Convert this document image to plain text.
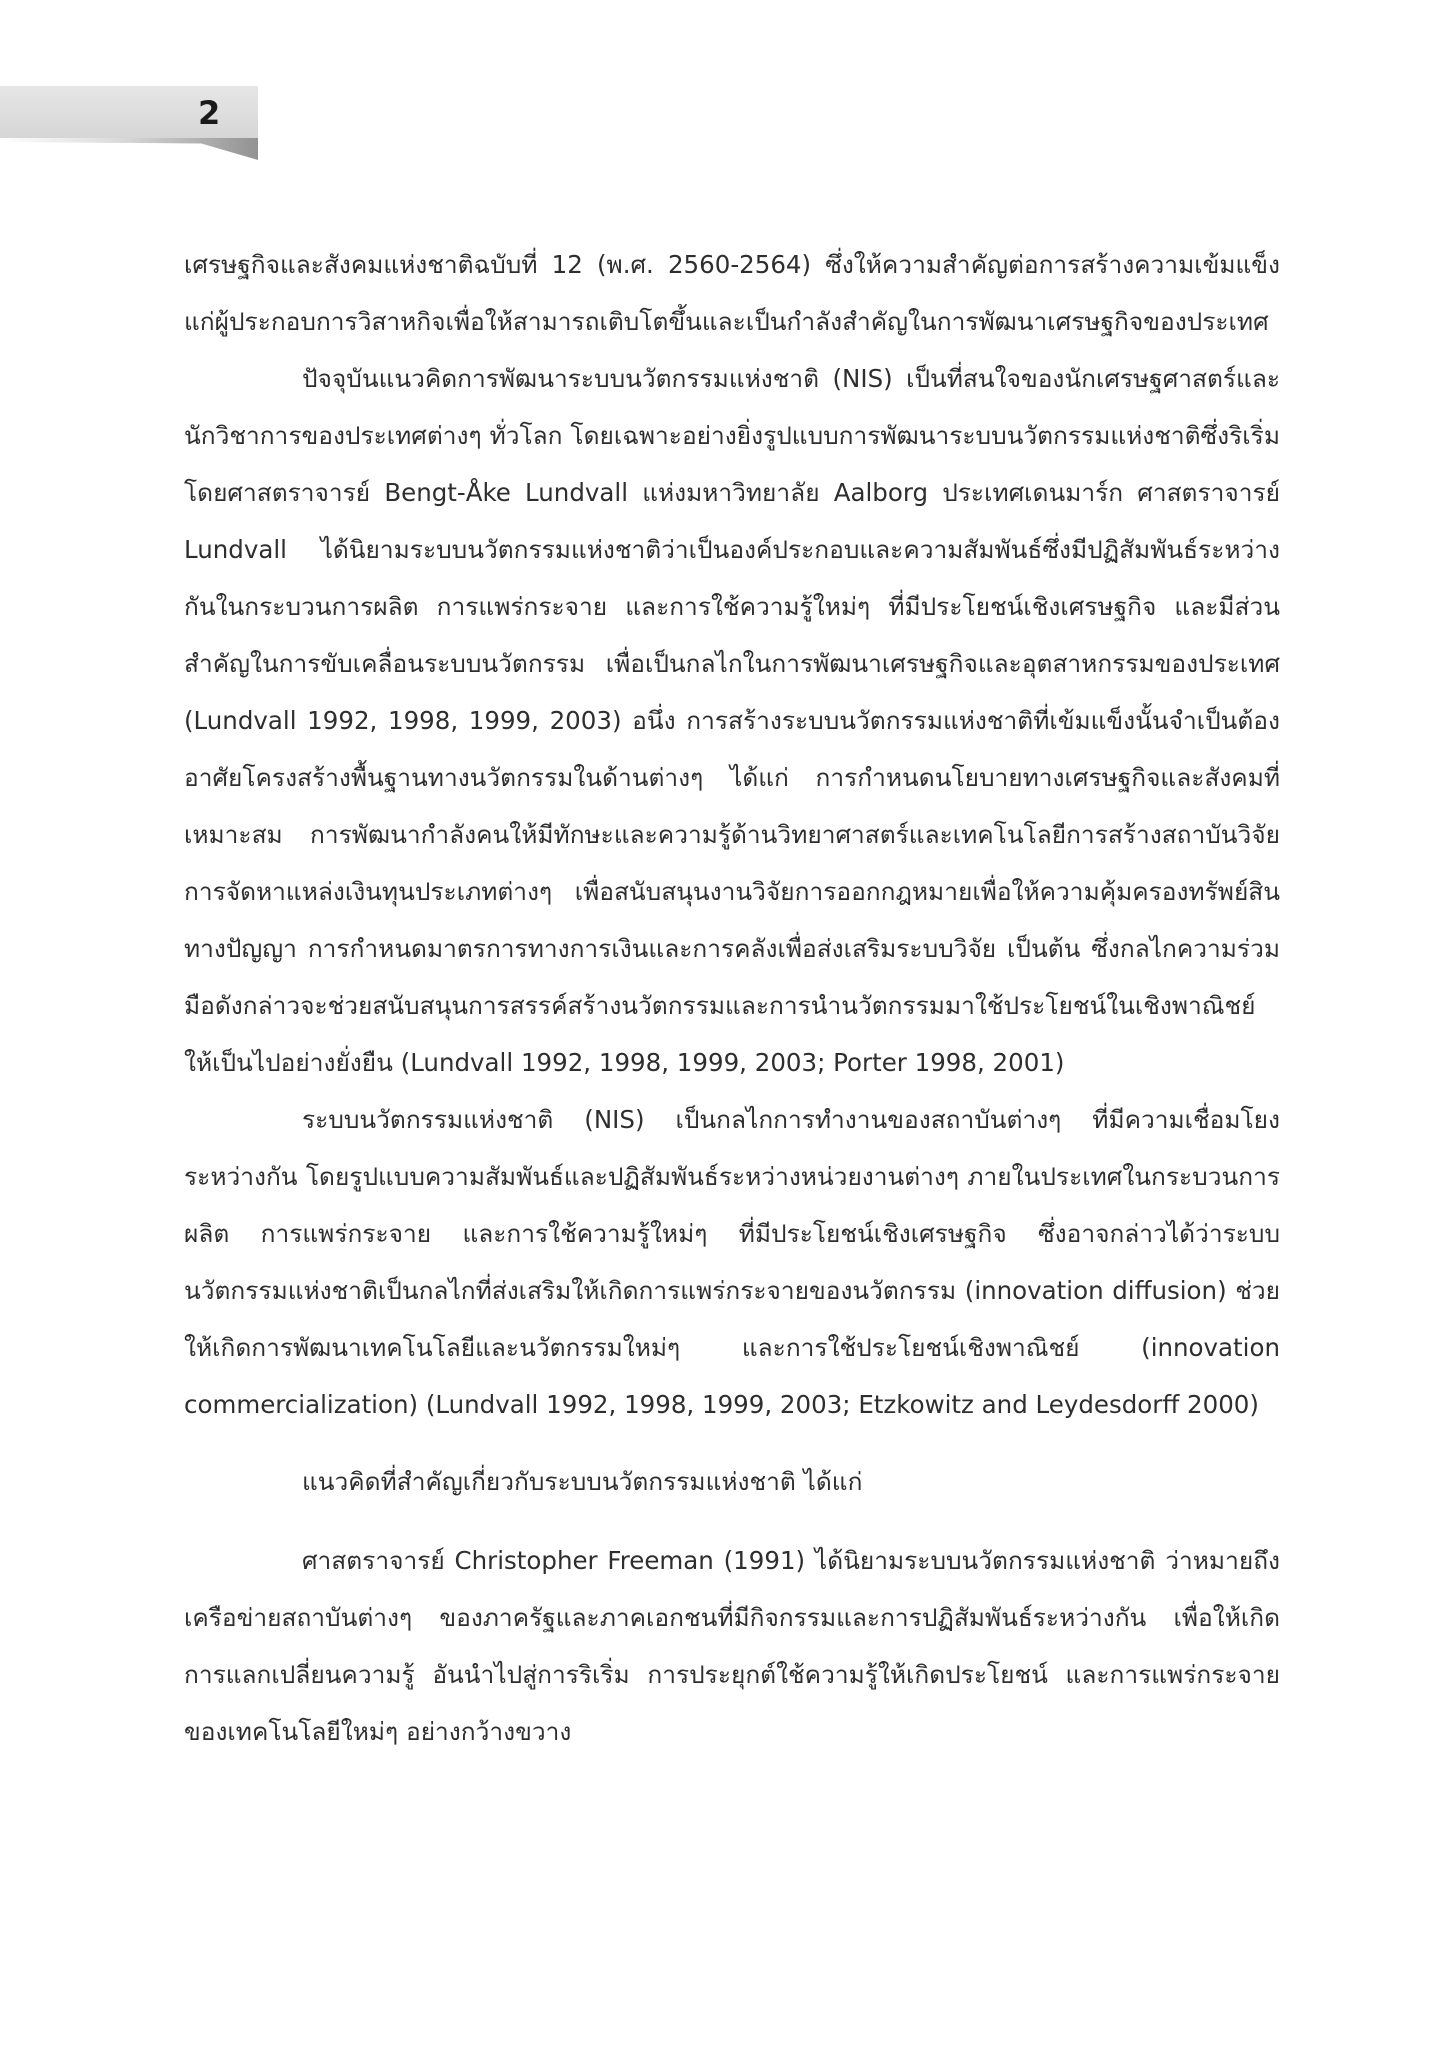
2

เศรษฐกิจและสังคมแห่งชาติฉบับที่ 12 (พ.ศ. 2560-2564) ซึ่งให้ความสำคัญต่อการสร้างความเข้มแข็งแก่ผู้ประกอบการวิสาหกิจเพื่อให้สามารถเติบโตขึ้นและเป็นกำลังสำคัญในการพัฒนาเศรษฐกิจของประเทศ

ปัจจุบันแนวคิดการพัฒนาระบบนวัตกรรมแห่งชาติ (NIS) เป็นที่สนใจของนักเศรษฐศาสตร์และนักวิชาการของประเทศต่างๆ ทั่วโลก โดยเฉพาะอย่างยิ่งรูปแบบการพัฒนาระบบนวัตกรรมแห่งชาติซึ่งริเริ่มโดยศาสตราจารย์ Bengt-Åke Lundvall แห่งมหาวิทยาลัย Aalborg ประเทศเดนมาร์ก ศาสตราจารย์ Lundvall ได้นิยามระบบนวัตกรรมแห่งชาติว่าเป็นองค์ประกอบและความสัมพันธ์ซึ่งมีปฏิสัมพันธ์ระหว่างกันในกระบวนการผลิต การแพร่กระจาย และการใช้ความรู้ใหม่ๆ ที่มีประโยชน์เชิงเศรษฐกิจ และมีส่วนสำคัญในการขับเคลื่อนระบบนวัตกรรม เพื่อเป็นกลไกในการพัฒนาเศรษฐกิจและอุตสาหกรรมของประเทศ (Lundvall 1992, 1998, 1999, 2003) อนึ่ง การสร้างระบบนวัตกรรมแห่งชาติที่เข้มแข็งนั้นจำเป็นต้องอาศัยโครงสร้างพื้นฐานทางนวัตกรรมในด้านต่างๆ ได้แก่ การกำหนดนโยบายทางเศรษฐกิจและสังคมที่เหมาะสม การพัฒนากำลังคนให้มีทักษะและความรู้ด้านวิทยาศาสตร์และเทคโนโลยีการสร้างสถาบันวิจัยการจัดหาแหล่งเงินทุนประเภทต่างๆ เพื่อสนับสนุนงานวิจัยการออกกฎหมายเพื่อให้ความคุ้มครองทรัพย์สินทางปัญญา การกำหนดมาตรการทางการเงินและการคลังเพื่อส่งเสริมระบบวิจัย เป็นต้น ซึ่งกลไกความร่วมมือดังกล่าวจะช่วยสนับสนุนการสรรค์สร้างนวัตกรรมและการนำนวัตกรรมมาใช้ประโยชน์ในเชิงพาณิชย์ให้เป็นไปอย่างยั่งยืน (Lundvall 1992, 1998, 1999, 2003; Porter 1998, 2001)

ระบบนวัตกรรมแห่งชาติ (NIS) เป็นกลไกการทำงานของสถาบันต่างๆ ที่มีความเชื่อมโยงระหว่างกัน โดยรูปแบบความสัมพันธ์และปฏิสัมพันธ์ระหว่างหน่วยงานต่างๆ ภายในประเทศในกระบวนการผลิต การแพร่กระจาย และการใช้ความรู้ใหม่ๆ ที่มีประโยชน์เชิงเศรษฐกิจ ซึ่งอาจกล่าวได้ว่าระบบนวัตกรรมแห่งชาติเป็นกลไกที่ส่งเสริมให้เกิดการแพร่กระจายของนวัตกรรม (innovation diffusion) ช่วยให้เกิดการพัฒนาเทคโนโลยีและนวัตกรรมใหม่ๆ และการใช้ประโยชน์เชิงพาณิชย์ (innovation commercialization) (Lundvall 1992, 1998, 1999, 2003; Etzkowitz and Leydesdorff 2000)

แนวคิดที่สำคัญเกี่ยวกับระบบนวัตกรรมแห่งชาติ ได้แก่

ศาสตราจารย์ Christopher Freeman (1991) ได้นิยามระบบนวัตกรรมแห่งชาติ ว่าหมายถึงเครือข่ายสถาบันต่างๆ ของภาครัฐและภาคเอกชนที่มีกิจกรรมและการปฏิสัมพันธ์ระหว่างกัน เพื่อให้เกิดการแลกเปลี่ยนความรู้ อันนำไปสู่การริเริ่ม การประยุกต์ใช้ความรู้ให้เกิดประโยชน์ และการแพร่กระจายของเทคโนโลยีใหม่ๆ อย่างกว้างขวาง
